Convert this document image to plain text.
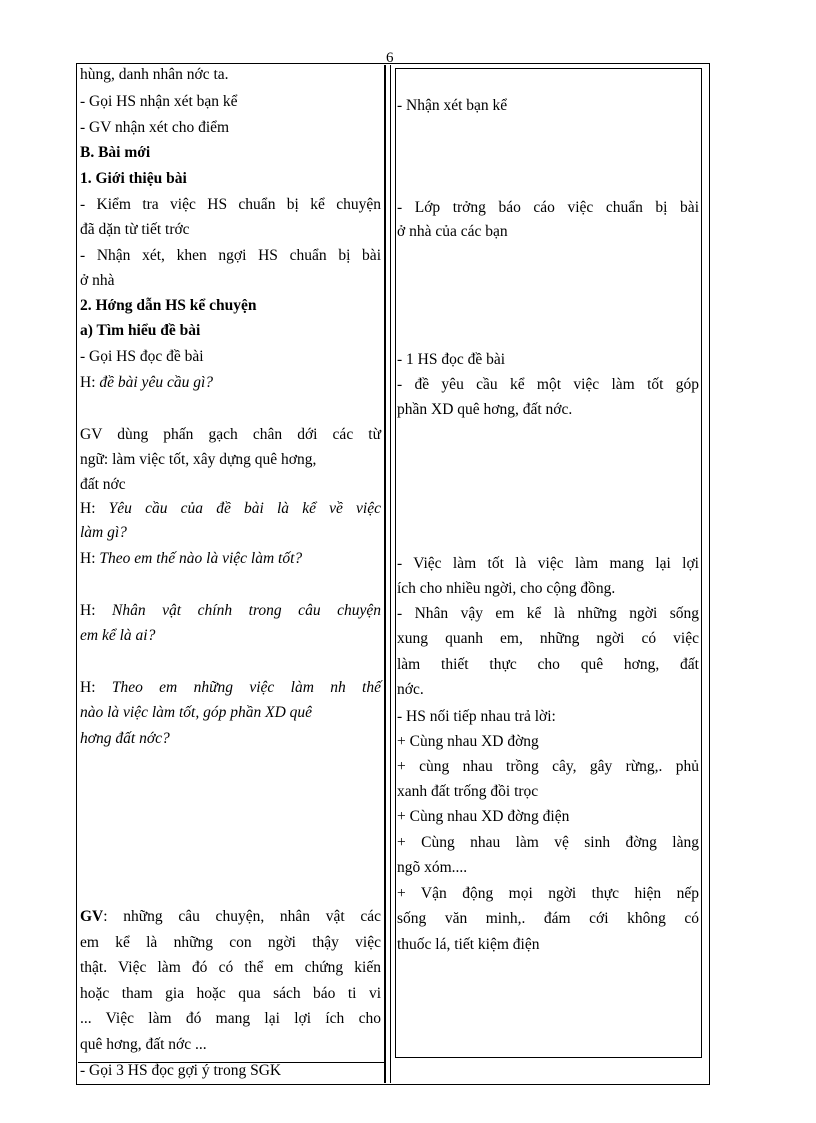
6
hùng, danh nhân nớc ta.
- Gọi HS nhận xét bạn kể
- GV nhận xét cho điểm
B. Bài mới
1. Giới thiệu bài
- Kiểm tra việc HS chuẩn bị kể chuyện
đã dặn từ tiết trớc
- Nhận xét, khen ngợi HS chuẩn bị bài
ở nhà
2. Hớng dẫn HS kể chuyện
a) Tìm hiểu đề bài
- Gọi HS đọc đề bài
H: đề bài yêu cầu gì?
GV dùng phấn gạch chân dới các từ
ngữ: làm việc tốt, xây dựng quê hơng,
đất nớc
H: Yêu cầu của đề bài là kể về việc
làm gì?
H: Theo em thế nào là việc làm tốt?
H: Nhân vật chính trong câu chuyện
em kể là ai?
H: Theo em những việc làm nh thế
nào là việc làm tốt, góp phần XD quê
hơng đất nớc?
GV: những câu chuyện, nhân vật các
em kể là những con ngời thậy việc
thật. Việc làm đó có thể em chứng kiến
hoặc tham gia hoặc qua sách báo ti vi
... Việc làm đó mang lại lợi ích cho
quê hơng, đất nớc ...
- Gọi 3 HS đọc gợi ý trong SGK
- Nhận xét bạn kể
- Lớp trởng báo cáo việc chuẩn bị bài
ở nhà của các bạn
- 1 HS đọc đề bài
- đề yêu cầu kể một việc làm tốt góp
phần XD quê hơng, đất nớc.
- Việc làm tốt là việc làm mang lại lợi
ích cho nhiều ngời, cho cộng đồng.
- Nhân vậy em kể là những ngời sống
xung quanh em, những ngời có việc
làm thiết thực cho quê hơng, đất
nớc.
- HS nối tiếp nhau trả lời:
+ Cùng nhau XD đờng
+ cùng nhau trồng cây, gây rừng,. phủ
xanh đất trống đồi trọc
+ Cùng nhau XD đờng điện
+ Cùng nhau làm vệ sinh đờng làng
ngõ xóm....
+ Vận động mọi ngời thực hiện nếp
sống văn minh,. đám cới không có
thuốc lá, tiết kiệm điện
